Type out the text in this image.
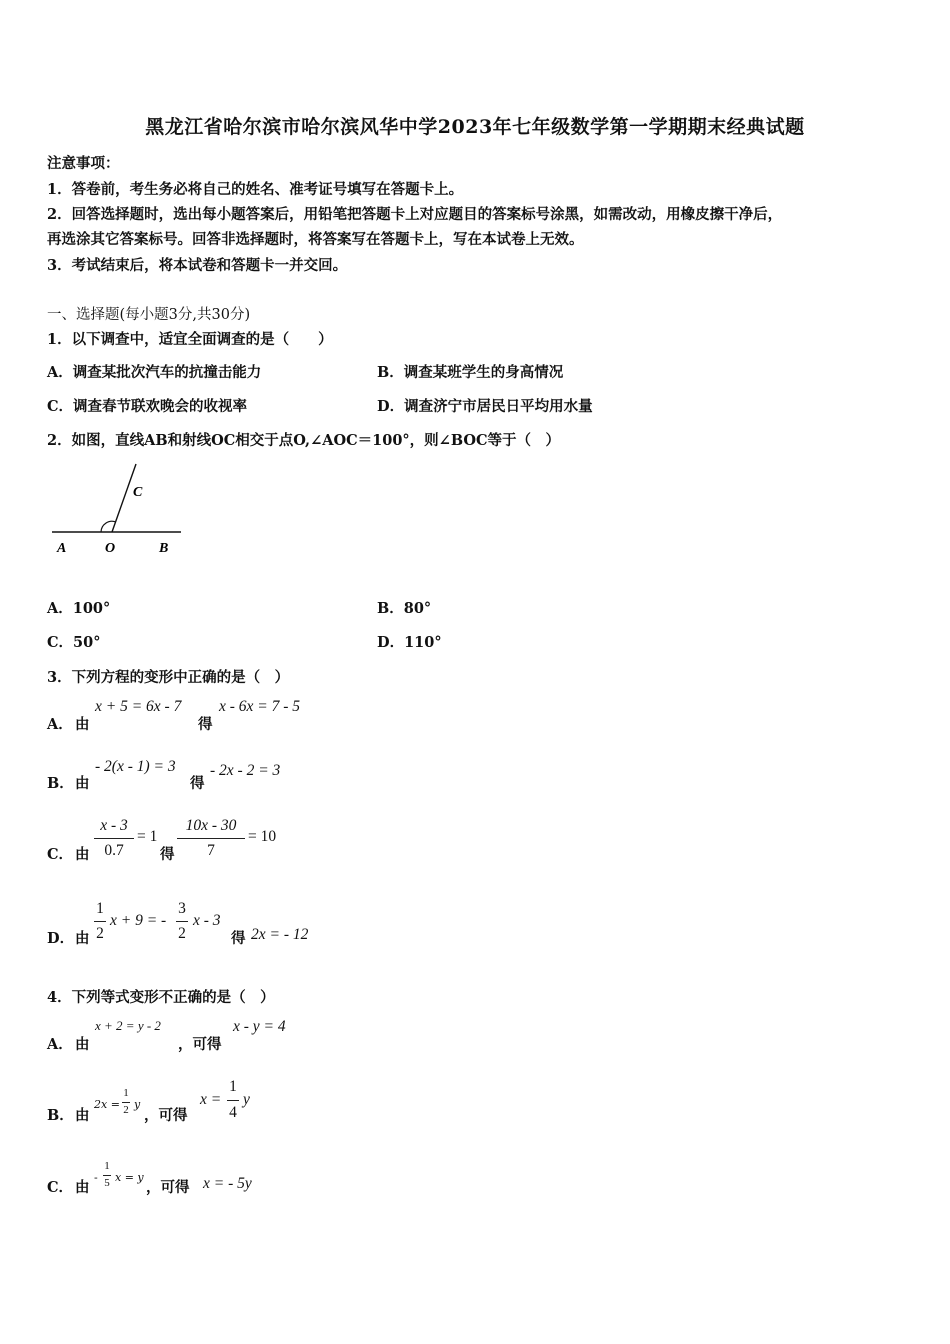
黑龙江省哈尔滨市哈尔滨风华中学2023年七年级数学第一学期期末经典试题
注意事项：
1．答卷前，考生务必将自己的姓名、准考证号填写在答题卡上。
2．回答选择题时，选出每小题答案后，用铅笔把答题卡上对应题目的答案标号涂黑，如需改动，用橡皮擦干净后，
再选涂其它答案标号。回答非选择题时，将答案写在答题卡上，写在本试卷上无效。
3．考试结束后，将本试卷和答题卡一并交回。
一、选择题(每小题3分,共30分)
1．以下调查中，适宜全面调查的是（　　）
A．调查某批次汽车的抗撞击能力	B．调查某班学生的身高情况
C．调查春节联欢晚会的收视率	D．调查济宁市居民日平均用水量
2．如图，直线AB和射线OC相交于点O,∠AOC＝100°，则∠BOC等于（　）
A	O	B
C
A．100°	B．80°
C．50°	D．110°
3．下列方程的变形中正确的是（　）
A． 由
x + 5 = 6x - 7
得
x - 6x = 7 - 5
B． 由
- 2(x - 1) = 3
得
- 2x - 2 = 3
C． 由
x - 3
0.7
= 1
得
10x - 30
7
= 10
D． 由
1
2
x + 9 = -
3
2
x - 3
得 2x = - 12
4．下列等式变形不正确的是（　）
A． 由
x + 2 = y - 2
，可得
x - y = 4
B． 由
2x =
1
2 y
，可得
x =
1
4
y
C． 由
-
1
5 x = y
，可得 x = - 5y
